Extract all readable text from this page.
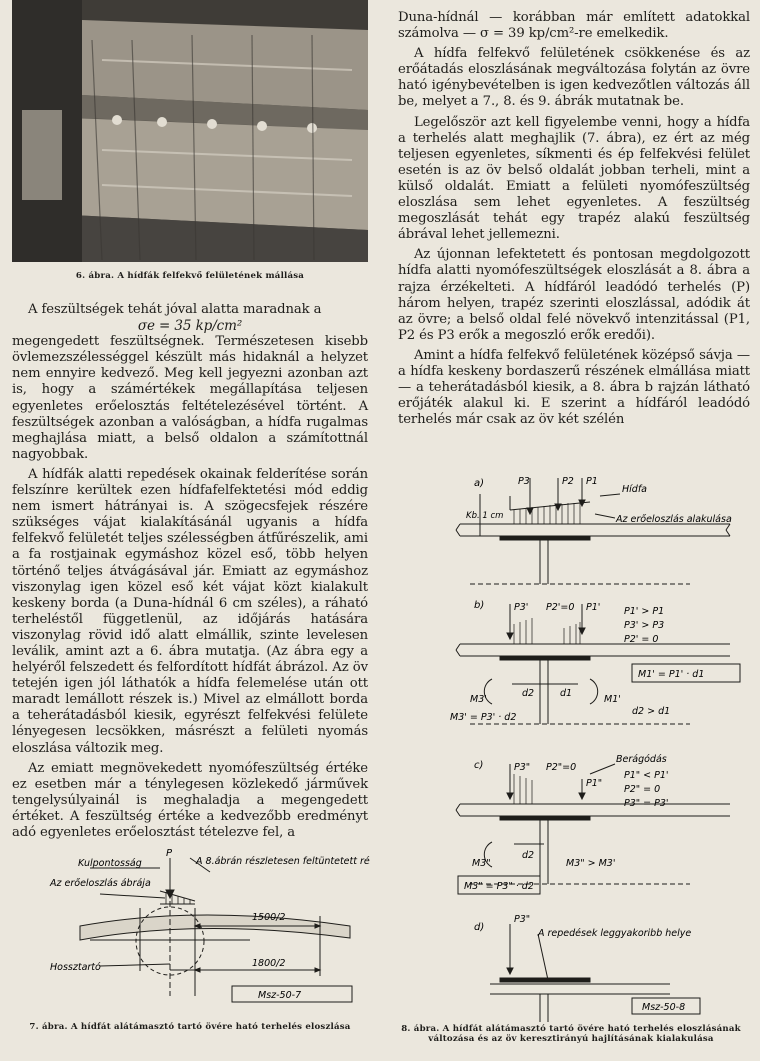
6. ábra. A hídfák felfekvő felületének mállása

A feszültségek tehát jóval alatta maradnak a

σe = 35 kp/cm²

megengedett feszültségnek. Természetesen kisebb övlemezszélességgel készült más hidaknál a helyzet nem ennyire kedvező. Meg kell jegyezni azonban azt is, hogy a számértékek megállapítása teljesen egyenletes erőelosztás feltételezésével történt. A feszültségek azonban a valóságban, a hídfa rugalmas meghajlása miatt, a belső oldalon a számítottnál nagyobbak.

A hídfák alatti repedések okainak felderítése során felszínre kerültek ezen hídfafelfektetési mód eddig nem ismert hátrányai is. A szögecsfejek részére szükséges vájat kialakításánál ugyanis a hídfa felfekvő felületét teljes szélességben átfűrészelik, ami a fa rostjainak egymáshoz közel eső, több helyen történő teljes átvágásával jár. Emiatt az egymáshoz viszonylag igen közel eső két vájat közt kialakult keskeny borda (a Duna-hídnál 6 cm széles), a ráható terheléstől függetlenül, az időjárás hatására viszonylag rövid idő alatt elmállik, szinte levelesen leválik, amint azt a 6. ábra mutatja. (Az ábra egy a helyéről felszedett és felfordított hídfát ábrázol. Az öv tetején igen jól láthatók a hídfa felemelése után ott maradt lemállott részek is.) Mivel az elmállott borda a teherátadásból kiesik, egyrészt felfekvési felülete lényegesen lecsökken, másrészt a felületi nyomás eloszlása változik meg.

Az emiatt megnövekedett nyomófeszültség értéke ez esetben már a ténylegesen közlekedő járművek tengelysúlyainál is meghaladja a megengedett értéket. A feszültség értéke a kedvezőbb eredményt adó egyenletes erőelosztást tételezve fel, a

Kulpontosság
P
A 8.ábrán részletesen feltüntetett rész
Az erőeloszlás ábrája
1500/2
Hossztartó	1800/2
Msz-50-7
7. ábra. A hídfát alátámasztó tartó övére ható terhelés eloszlása

Duna-hídnál — korábban már említett adatokkal számolva — σ = 39 kp/cm²-re emelkedik.

A hídfa felfekvő felületének csökkenése és az erőátadás eloszlásának megváltozása folytán az övre ható igénybevételben is igen kedvezőtlen változás áll be, melyet a 7., 8. és 9. ábrák mutatnak be.

Legelőször azt kell figyelembe venni, hogy a hídfa a terhelés alatt meghajlik (7. ábra), ez ért az még teljesen egyenletes, síkmenti és ép felfekvési felület esetén is az öv belső oldalát jobban terheli, mint a külső oldalát. Emiatt a felületi nyomófeszültség eloszlása sem lehet egyenletes. A feszültség megoszlását tehát egy trapéz alakú feszültség ábrával lehet jellemezni.

Az újonnan lefektetett és pontosan megdolgozott hídfa alatti nyomófeszültségek eloszlását a 8. ábra a rajza érzékelteti. A hídfáról leadódó terhelés (P) három helyen, trapéz szerinti eloszlással, adódik át az övre; a belső oldal felé növekvő intenzitással (P1, P2 és P3 erők a megoszló erők eredői).

Amint a hídfa felfekvő felületének középső sávja — a hídfa keskeny bordaszerű részének elmállása miatt — a teherátadásból kiesik, a 8. ábra b rajzán látható erőjáték alakul ki. E szerint a hídfáról leadódó terhelés már csak az öv két szélén

a)
Hídfa
Kb. 1 cm	Az erőeloszlás alakulása
P3	P2 P1
b)	P3' P2'=0 P1' P1' > P1
P3' > P3
P2' = 0
M3'	M1'
d2	d1
M3' = P3' · d2
M1' = P1' · d1
d2 > d1
c)	P3" P2"=0
P1"
Berágódás
P1" < P1'
P2" = 0
P3" = P3'
M3"	M3" > M3'
d2
M3" = P3" · d2
d)
P3"
A repedések leggyakoribb helye
Msz-50-8
8. ábra. A hídfát alátámasztó tartó övére ható terhelés eloszlásának változása és az öv keresztirányú hajlításának kialakulása
